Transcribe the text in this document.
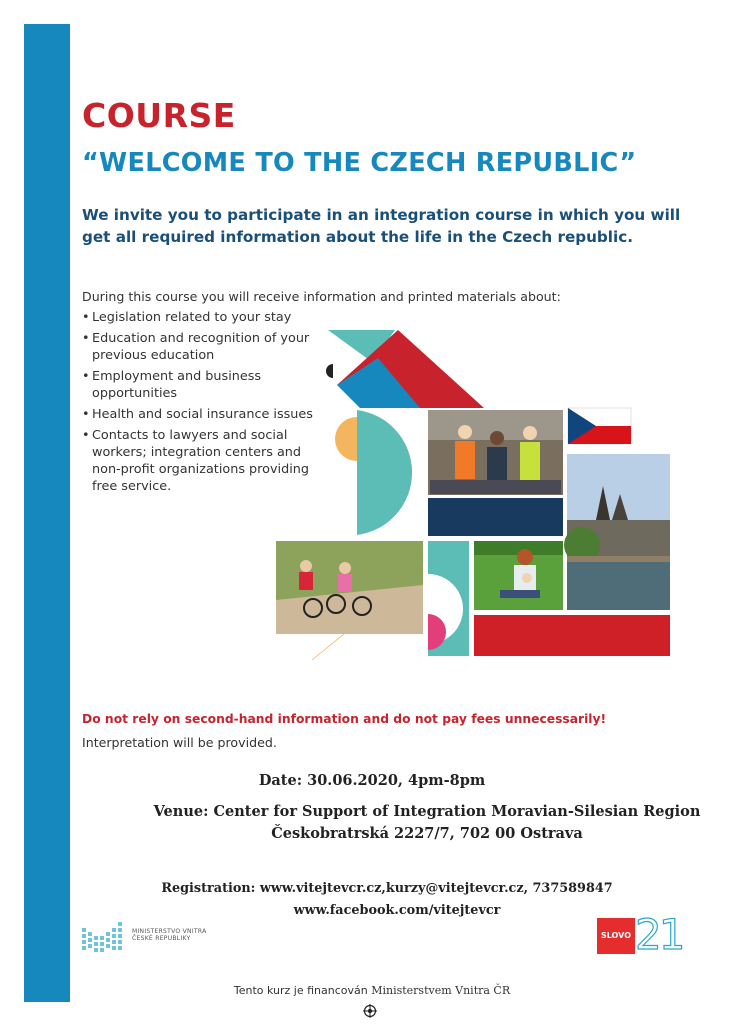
COURSE
“WELCOME TO THE CZECH REPUBLIC”
We invite you to participate in an integration course in which you will get all required information about the life in the Czech republic.
During this course you will receive information and printed materials about:
• Legislation related to your stay
• Education and recognition of your previous education
• Employment and business opportunities
• Health and social insurance issues
• Contacts to lawyers and social workers; integration centers and non-profit organizations providing free service.
Do not rely on second-hand information and do not pay fees unnecessarily!
Interpretation will be provided.
Date: 30.06.2020, 4pm-8pm
Venue: Center for Support of Integration Moravian-Silesian Region
Českobratrská 2227/7, 702 00 Ostrava
Registration: www.vitejtevcr.cz,kurzy@vitejtevcr.cz, 737589847
www.facebook.com/vitejtevcr
MINISTERSTVO VNITRA
ČESKÉ REPUBLIKY	SLOVO 21
Tento kurz je financován Ministerstvem Vnitra ČR
